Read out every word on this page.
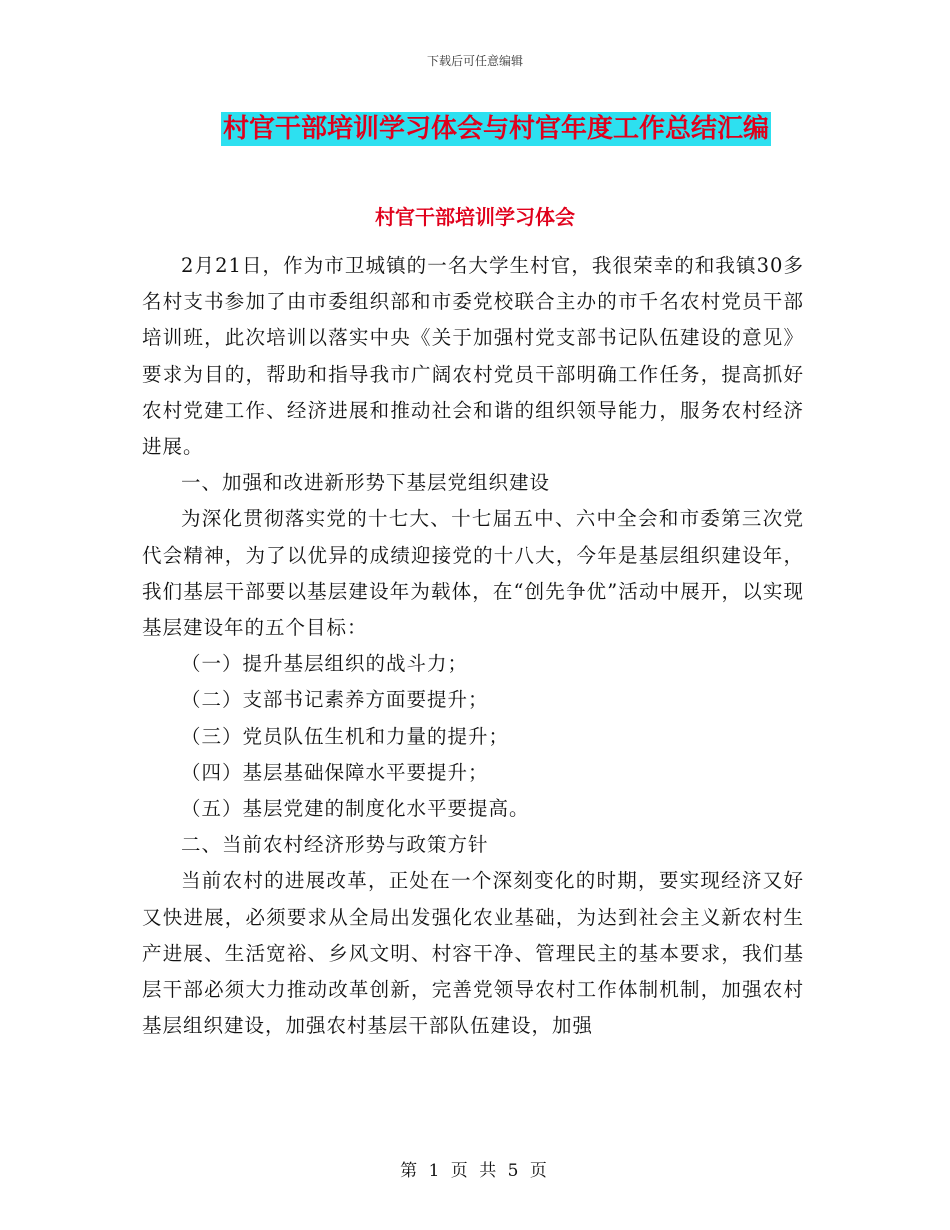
下载后可任意编辑
村官干部培训学习体会与村官年度工作总结汇编
村官干部培训学习体会

2月21日，作为市卫城镇的一名大学生村官，我很荣幸的和我镇30多名村支书参加了由市委组织部和市委党校联合主办的市千名农村党员干部培训班，此次培训以落实中央《关于加强村党支部书记队伍建设的意见》要求为目的，帮助和指导我市广阔农村党员干部明确工作任务，提高抓好农村党建工作、经济进展和推动社会和谐的组织领导能力，服务农村经济进展。

一、加强和改进新形势下基层党组织建设

为深化贯彻落实党的十七大、十七届五中、六中全会和市委第三次党代会精神，为了以优异的成绩迎接党的十八大，今年是基层组织建设年，我们基层干部要以基层建设年为载体，在“创先争优”活动中展开，以实现基层建设年的五个目标：

（一）提升基层组织的战斗力；

（二）支部书记素养方面要提升；

（三）党员队伍生机和力量的提升；

（四）基层基础保障水平要提升；

（五）基层党建的制度化水平要提高。

二、当前农村经济形势与政策方针

当前农村的进展改革，正处在一个深刻变化的时期，要实现经济又好又快进展，必须要求从全局出发强化农业基础，为达到社会主义新农村生产进展、生活宽裕、乡风文明、村容干净、管理民主的基本要求，我们基层干部必须大力推动改革创新，完善党领导农村工作体制机制，加强农村基层组织建设，加强农村基层干部队伍建设，加强

第 1 页 共 5 页
